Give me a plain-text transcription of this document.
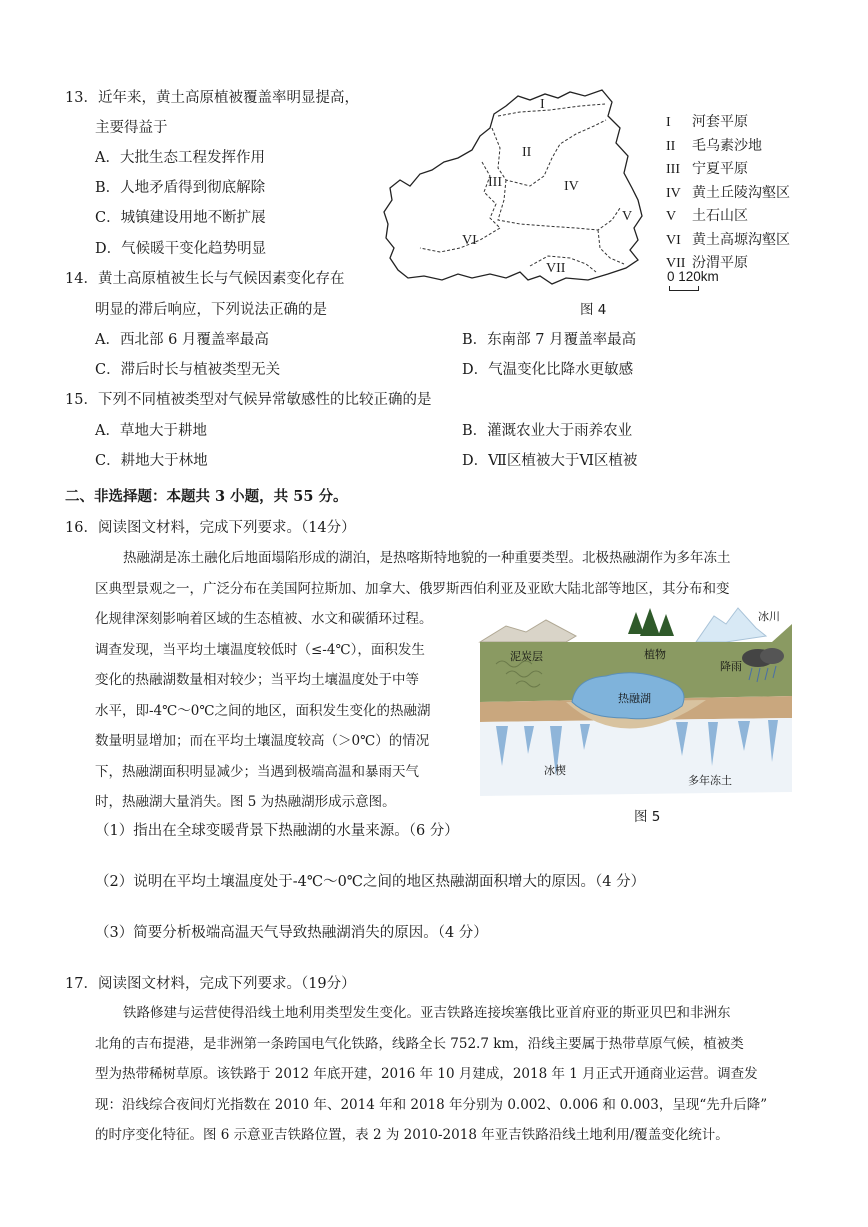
13．近年来，黄土高原植被覆盖率明显提高，
主要得益于
A．大批生态工程发挥作用
B．人地矛盾得到彻底解除
C．城镇建设用地不断扩展
D．气候暖干变化趋势明显
I
II
III	IV
V
VI
VII
I 河套平原
II 毛乌素沙地
III 宁夏平原
IV 黄土丘陵沟壑区
V 土石山区
VI 黄土高塬沟壑区
VII 汾渭平原
0 120km
图 4
14．黄土高原植被生长与气候因素变化存在
明显的滞后响应，下列说法正确的是
A．西北部 6 月覆盖率最高	B．东南部 7 月覆盖率最高
C．滞后时长与植被类型无关	D．气温变化比降水更敏感
15．下列不同植被类型对气候异常敏感性的比较正确的是
A．草地大于耕地	B．灌溉农业大于雨养农业
C．耕地大于林地	D．Ⅶ区植被大于Ⅵ区植被
二、非选择题：本题共 3 小题，共 55 分。
16．阅读图文材料，完成下列要求。（14分）
热融湖是冻土融化后地面塌陷形成的湖泊，是热喀斯特地貌的一种重要类型。北极热融湖作为多年冻土
区典型景观之一，广泛分布在美国阿拉斯加、加拿大、俄罗斯西伯利亚及亚欧大陆北部等地区，其分布和变
化规律深刻影响着区域的生态植被、水文和碳循环过程。
调查发现，当平均土壤温度较低时（≤-4℃），面积发生
变化的热融湖数量相对较少；当平均土壤温度处于中等
水平，即-4℃～0℃之间的地区，面积发生变化的热融湖
数量明显增加；而在平均土壤温度较高（＞0℃）的情况
下，热融湖面积明显减少；当遇到极端高温和暴雨天气
时，热融湖大量消失。图 5 为热融湖形成示意图。
冰川
泥炭层	植物
降雨
热融湖
冰楔
多年冻土
图 5
（1）指出在全球变暖背景下热融湖的水量来源。（6 分）
（2）说明在平均土壤温度处于-4℃～0℃之间的地区热融湖面积增大的原因。（4 分）
（3）简要分析极端高温天气导致热融湖消失的原因。（4 分）
17．阅读图文材料，完成下列要求。（19分）
铁路修建与运营使得沿线土地利用类型发生变化。亚吉铁路连接埃塞俄比亚首府亚的斯亚贝巴和非洲东
北角的吉布提港，是非洲第一条跨国电气化铁路，线路全长 752.7 km，沿线主要属于热带草原气候，植被类
型为热带稀树草原。该铁路于 2012 年底开建，2016 年 10 月建成，2018 年 1 月正式开通商业运营。调查发
现：沿线综合夜间灯光指数在 2010 年、2014 年和 2018 年分别为 0.002、0.006 和 0.003，呈现“先升后降”
的时序变化特征。图 6 示意亚吉铁路位置，表 2 为 2010-2018 年亚吉铁路沿线土地利用/覆盖变化统计。
